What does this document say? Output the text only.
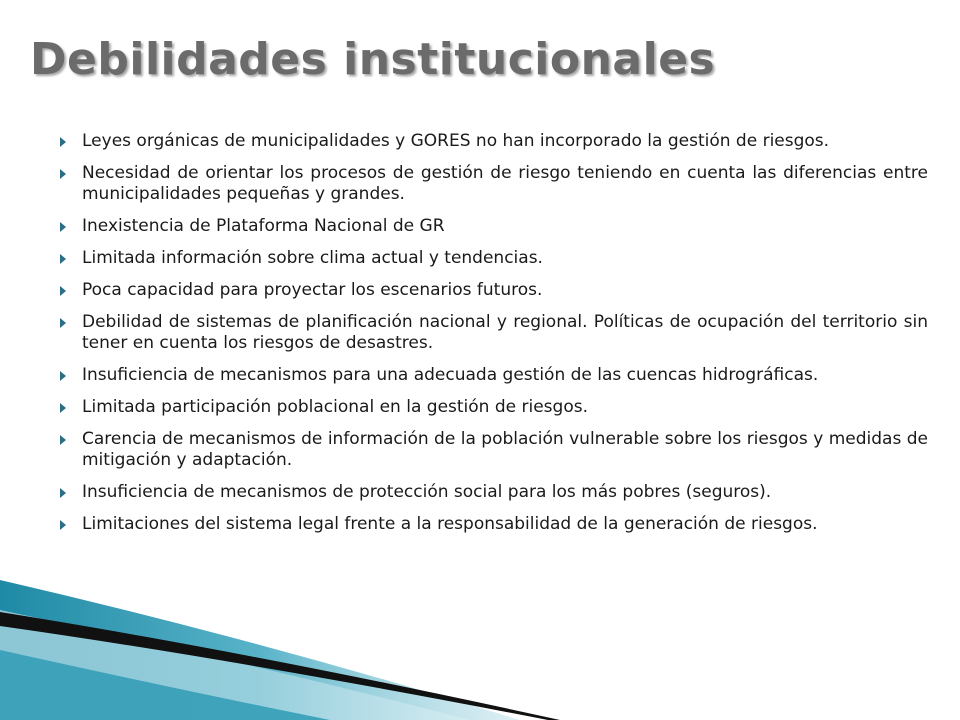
Debilidades institucionales
Leyes orgánicas de municipalidades y GORES no han incorporado la gestión de riesgos.
Necesidad de orientar los procesos de gestión de riesgo teniendo en cuenta las diferencias entre municipalidades pequeñas y grandes.
Inexistencia de Plataforma Nacional de GR
Limitada información sobre clima actual y tendencias.
Poca capacidad para proyectar los escenarios futuros.
Debilidad de sistemas de planificación nacional y regional. Políticas de ocupación del territorio sin tener en cuenta los riesgos de desastres.
Insuficiencia de mecanismos para una adecuada gestión de las cuencas hidrográficas.
Limitada participación poblacional en la gestión de riesgos.
Carencia de mecanismos de información de la población vulnerable sobre los riesgos y medidas de mitigación y adaptación.
Insuficiencia de mecanismos de protección social para los más pobres (seguros).
Limitaciones del sistema legal frente a la responsabilidad de la generación de riesgos.
